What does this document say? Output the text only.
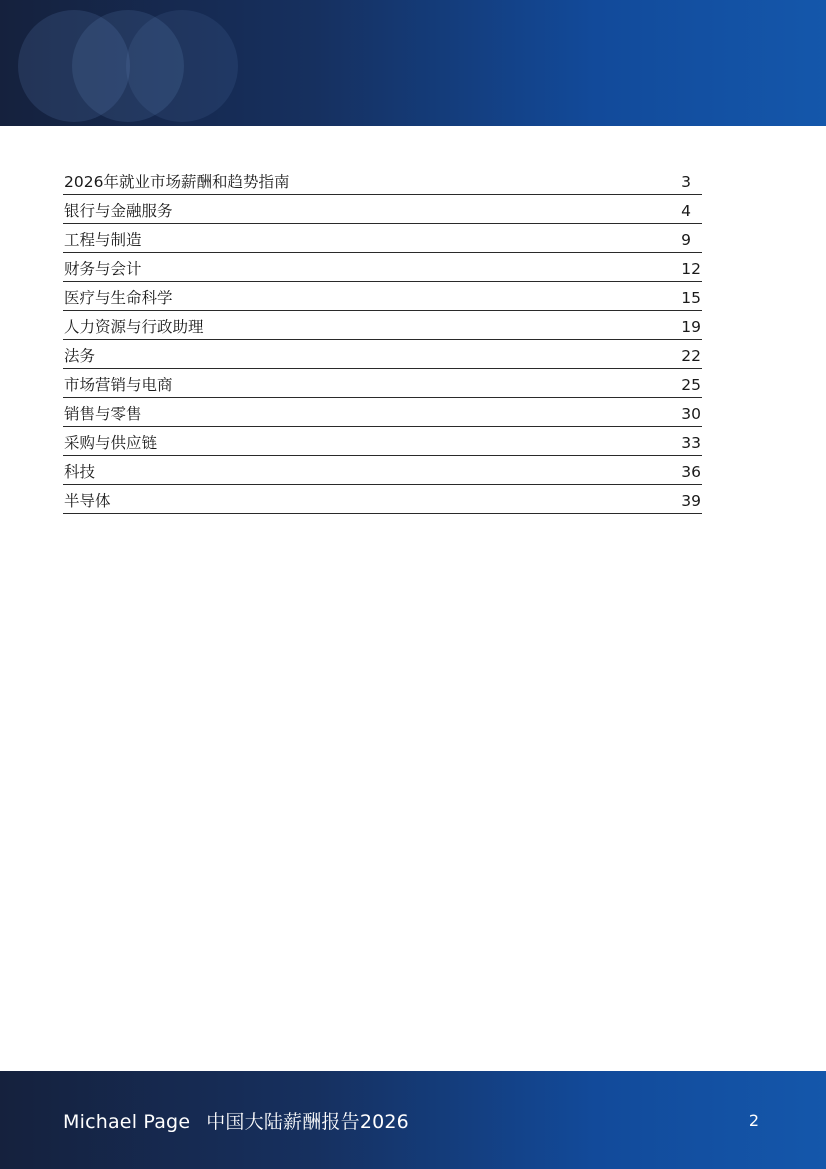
2026年就业市场薪酬和趋势指南	3
银行与金融服务	4
工程与制造	9
财务与会计	12
医疗与生命科学	15
人力资源与行政助理	19
法务	22
市场营销与电商	25
销售与零售	30
采购与供应链	33
科技	36
半导体	39
Michael Page 中国大陆薪酬报告2026	2
